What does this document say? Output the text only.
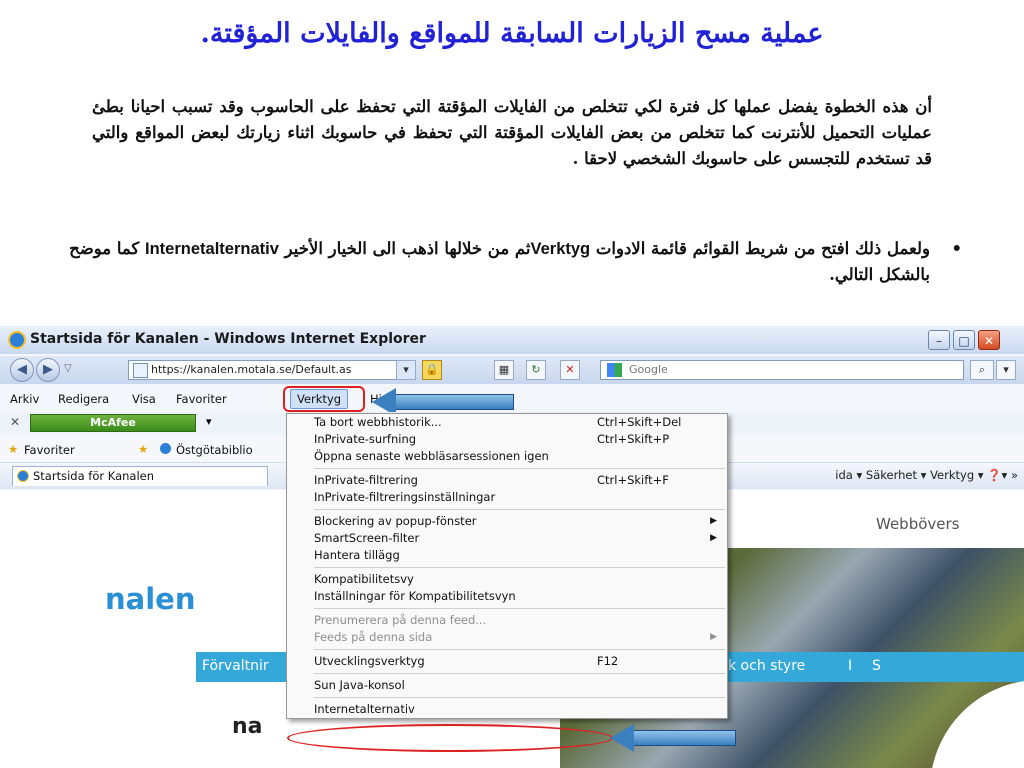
عملية مسح الزيارات السابقة للمواقع والفايلات المؤقتة.
أن هذه الخطوة يفضل عملها كل فترة لكي تتخلص من الفايلات المؤقتة التي تحفظ على الحاسوب وقد تسبب احيانا بطئ عمليات التحميل للأنترنت كما تتخلص من بعض الفايلات المؤقتة التي تحفظ في حاسوبك اثناء زيارتك لبعض المواقع والتي قد تستخدم للتجسس على حاسوبك الشخصي لاحقا .
•
ولعمل ذلك افتح من شريط القوائم قائمة الادوات Verktygثم من خلالها اذهب الى الخيار الأخير Internetalternativ كما موضح بالشكل التالي.
Startsida för Kanalen - Windows Internet Explorer	–	□	✕
◀	▶	▽	https://kanalen.motala.se/Default.as	▾	🔒	▦	↻	✕	Google	⌕	▾
Arkiv Redigera Visa Favoriter	Verktyg	Hj
✕	McAfee	▾
★ Favoriter	★ Östgötabiblio
Startsida för Kanalen	ida ▾ Säkerhet ▾ Verktyg ▾ ❓▾ »
Webbövers
nalen
Förvaltnir	k och styre	I S
na
Ta bort webbhistorik...	Ctrl+Skift+Del
InPrivate-surfning	Ctrl+Skift+P
Öppna senaste webbläsarsessionen igen
InPrivate-filtrering	Ctrl+Skift+F
InPrivate-filtreringsinställningar
Blockering av popup-fönster	▶
SmartScreen-filter	▶
Hantera tillägg
Kompatibilitetsvy
Inställningar för Kompatibilitetsvyn
Prenumerera på denna feed...
Feeds på denna sida	▶
Utvecklingsverktyg	F12
Sun Java-konsol
Internetalternativ
